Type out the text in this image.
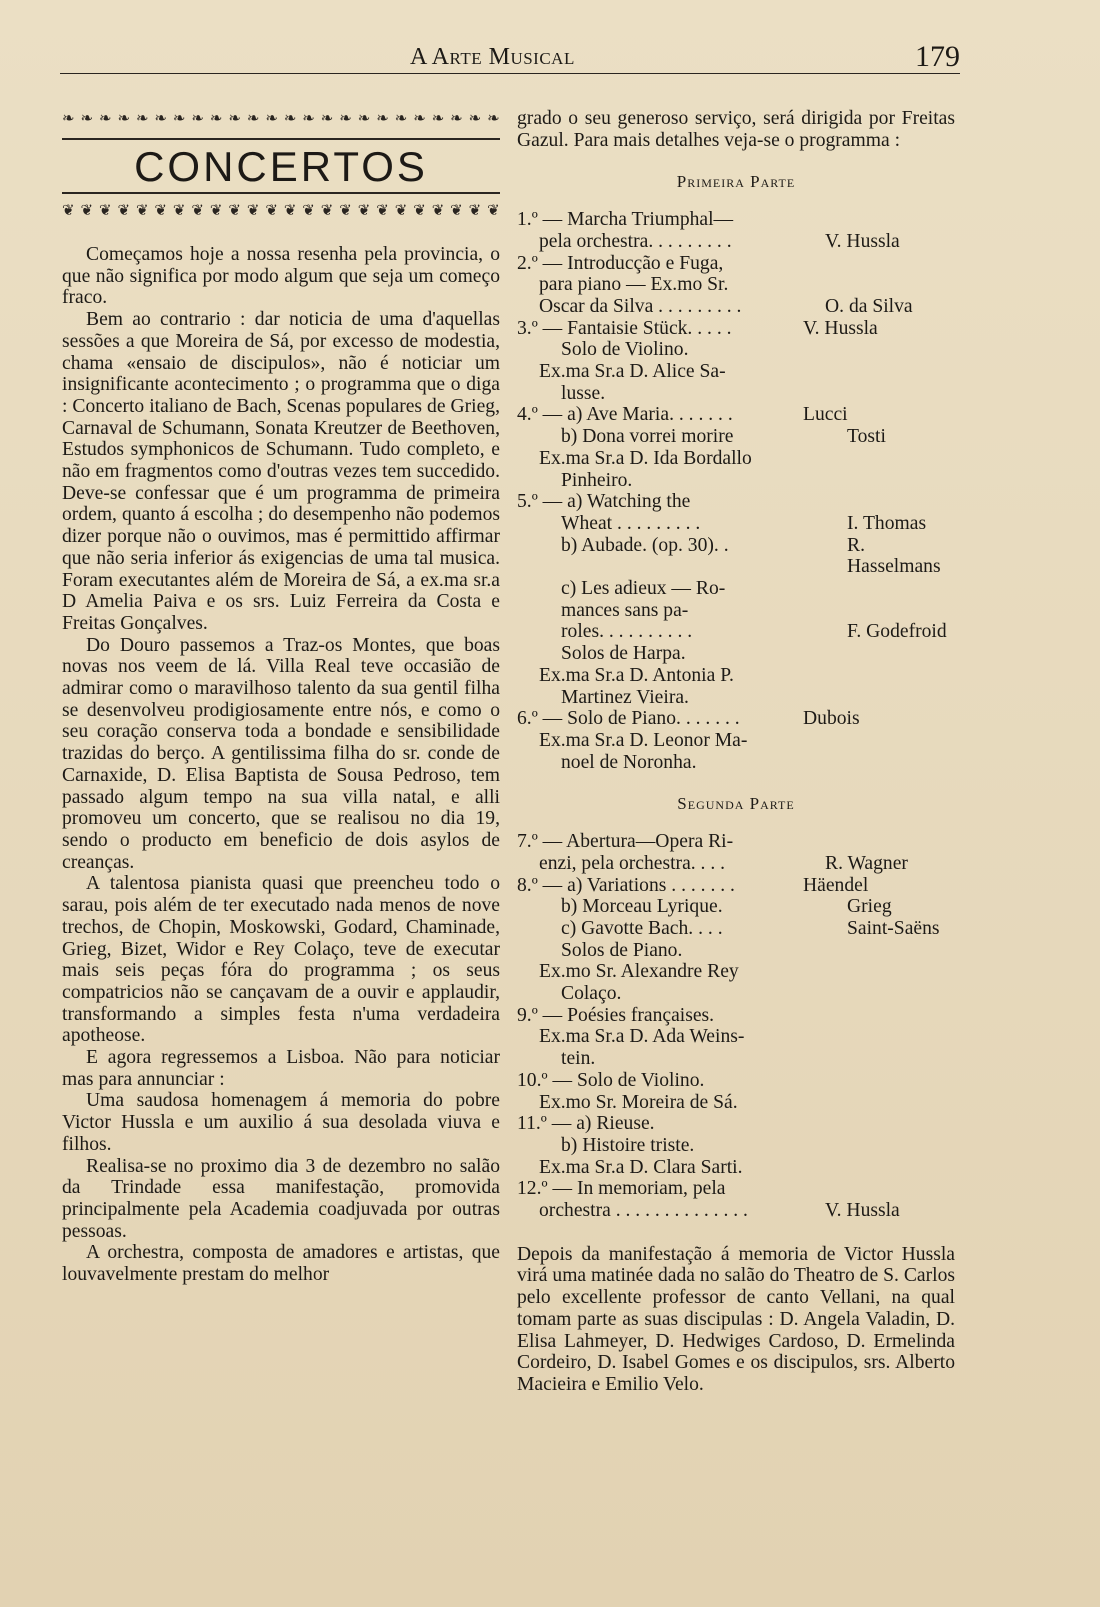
A Arte Musical	179
❧ ❧ ❧ ❧ ❧ ❧ ❧ ❧ ❧ ❧ ❧ ❧ ❧ ❧ ❧ ❧ ❧ ❧ ❧ ❧ ❧ ❧ ❧ ❧
CONCERTOS
❦ ❦ ❦ ❦ ❦ ❦ ❦ ❦ ❦ ❦ ❦ ❦ ❦ ❦ ❦ ❦ ❦ ❦ ❦ ❦ ❦ ❦ ❦ ❦

Começamos hoje a nossa resenha pela provincia, o que não significa por modo algum que seja um começo fraco.

Bem ao contrario : dar noticia de uma d'aquellas sessões a que Moreira de Sá, por excesso de modestia, chama «ensaio de discipulos», não é noticiar um insignificante acontecimento ; o programma que o diga : Concerto italiano de Bach, Scenas populares de Grieg, Carnaval de Schumann, Sonata Kreutzer de Beethoven, Estudos symphonicos de Schumann. Tudo completo, e não em fragmentos como d'outras vezes tem succedido. Deve-se confessar que é um programma de primeira ordem, quanto á escolha ; do desempenho não podemos dizer porque não o ouvimos, mas é permittido affirmar que não seria inferior ás exigencias de uma tal musica. Foram executantes além de Moreira de Sá, a ex.ma sr.a D Amelia Paiva e os srs. Luiz Ferreira da Costa e Freitas Gonçalves.

Do Douro passemos a Traz-os Montes, que boas novas nos veem de lá. Villa Real teve occasião de admirar como o maravilhoso talento da sua gentil filha se desenvolveu prodigiosamente entre nós, e como o seu coração conserva toda a bondade e sensibilidade trazidas do berço. A gentilissima filha do sr. conde de Carnaxide, D. Elisa Baptista de Sousa Pedroso, tem passado algum tempo na sua villa natal, e alli promoveu um concerto, que se realisou no dia 19, sendo o producto em beneficio de dois asylos de creanças.

A talentosa pianista quasi que preencheu todo o sarau, pois além de ter executado nada menos de nove trechos, de Chopin, Moskowski, Godard, Chaminade, Grieg, Bizet, Widor e Rey Colaço, teve de executar mais seis peças fóra do programma ; os seus compatricios não se cançavam de a ouvir e applaudir, transformando a simples festa n'uma verdadeira apotheose.

E agora regressemos a Lisboa. Não para noticiar mas para annunciar :

Uma saudosa homenagem á memoria do pobre Victor Hussla e um auxilio á sua desolada viuva e filhos.

Realisa-se no proximo dia 3 de dezembro no salão da Trindade essa manifestação, promovida principalmente pela Academia coadjuvada por outras pessoas.

A orchestra, composta de amadores e artistas, que louvavelmente prestam do melhor

grado o seu generoso serviço, será dirigida por Freitas Gazul. Para mais detalhes veja-se o programma :

Primeira Parte
1.º — Marcha Triumphal—
pela orchestra. . . . . . . . .	V. Hussla
2.º — Introducção e Fuga,
para piano — Ex.mo Sr.
Oscar da Silva . . . . . . . . .	O. da Silva
3.º — Fantaisie Stück. . . . .	V. Hussla
Solo de Violino.
Ex.ma Sr.a D. Alice Sa-
lusse.
4.º — a) Ave Maria. . . . . . .	Lucci
b) Dona vorrei morire	Tosti
Ex.ma Sr.a D. Ida Bordallo
Pinheiro.
5.º — a) Watching the
Wheat . . . . . . . . .	I. Thomas
b) Aubade. (op. 30). .	R. Hasselmans
c) Les adieux — Ro-
mances sans pa-
roles. . . . . . . . . .	F. Godefroid
Solos de Harpa.
Ex.ma Sr.a D. Antonia P.
Martinez Vieira.
6.º — Solo de Piano. . . . . . .	Dubois
Ex.ma Sr.a D. Leonor Ma-
noel de Noronha.
Segunda Parte
7.º — Abertura—Opera Ri-
enzi, pela orchestra. . . .	R. Wagner
8.º — a) Variations . . . . . . .	Häendel
b) Morceau Lyrique.	Grieg
c) Gavotte Bach. . . .	Saint-Saëns
Solos de Piano.
Ex.mo Sr. Alexandre Rey
Colaço.
9.º — Poésies françaises.
Ex.ma Sr.a D. Ada Weins-
tein.
10.º — Solo de Violino.
Ex.mo Sr. Moreira de Sá.
11.º — a) Rieuse.
b) Histoire triste.
Ex.ma Sr.a D. Clara Sarti.
12.º — In memoriam, pela
orchestra . . . . . . . . . . . . . .	V. Hussla

Depois da manifestação á memoria de Victor Hussla virá uma matinée dada no salão do Theatro de S. Carlos pelo excellente professor de canto Vellani, na qual tomam parte as suas discipulas : D. Angela Valadin, D. Elisa Lahmeyer, D. Hedwiges Cardoso, D. Ermelinda Cordeiro, D. Isabel Gomes e os discipulos, srs. Alberto Macieira e Emilio Velo.
